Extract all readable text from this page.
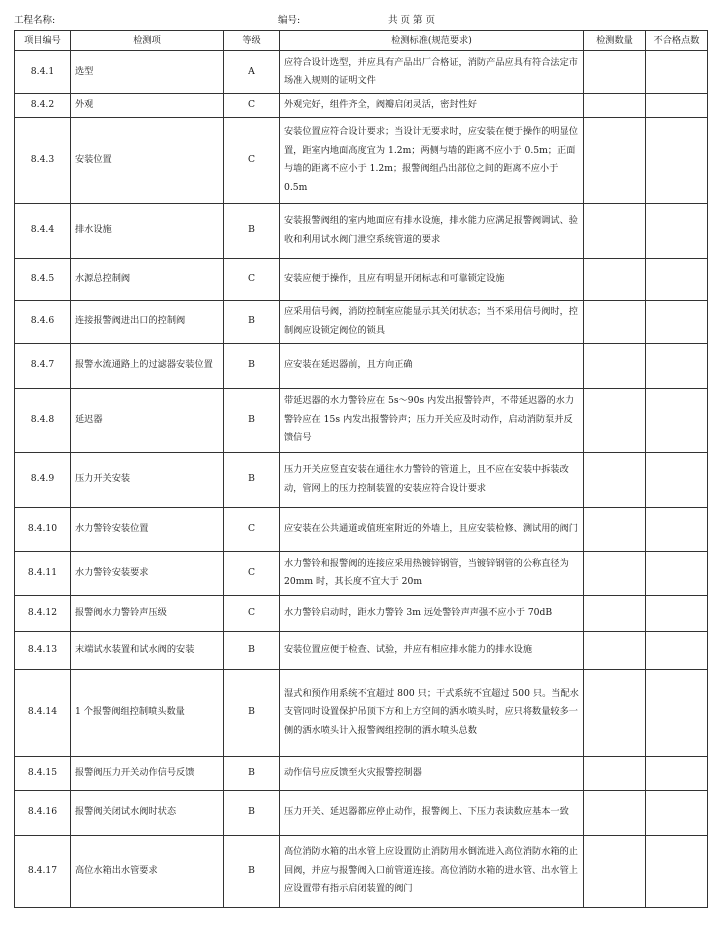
工程名称:	编号:	共 页 第 页
项目编号	检测项	等级	检测标准(规范要求)	检测数量	不合格点数
8.4.1	选型	A	应符合设计选型，并应具有产品出厂合格证，消防产品应具有符合法定市场准入规则的证明文件		
8.4.2	外观	C	外观完好，组件齐全，阀瓣启闭灵活，密封性好		
8.4.3	安装位置	C	安装位置应符合设计要求；当设计无要求时，应安装在便于操作的明显位置，距室内地面高度宜为 1.2m；两侧与墙的距离不应小于 0.5m；正面与墙的距离不应小于 1.2m；报警阀组凸出部位之间的距离不应小于 0.5m		
8.4.4	排水设施	B	安装报警阀组的室内地面应有排水设施，排水能力应满足报警阀调试、验收和利用试水阀门泄空系统管道的要求		
8.4.5	水源总控制阀	C	安装应便于操作，且应有明显开闭标志和可靠锁定设施		
8.4.6	连接报警阀进出口的控制阀	B	应采用信号阀，消防控制室应能显示其关闭状态；当不采用信号阀时，控制阀应设锁定阀位的锁具		
8.4.7	报警水流通路上的过滤器安装位置	B	应安装在延迟器前，且方向正确		
8.4.8	延迟器	B	带延迟器的水力警铃应在 5s～90s 内发出报警铃声，不带延迟器的水力警铃应在 15s 内发出报警铃声；压力开关应及时动作，启动消防泵并反馈信号		
8.4.9	压力开关安装	B	压力开关应竖直安装在通往水力警铃的管道上，且不应在安装中拆装改动，管网上的压力控制装置的安装应符合设计要求		
8.4.10	水力警铃安装位置	C	应安装在公共通道或值班室附近的外墙上，且应安装检修、测试用的阀门		
8.4.11	水力警铃安装要求	C	水力警铃和报警阀的连接应采用热镀锌钢管，当镀锌钢管的公称直径为 20mm 时，其长度不宜大于 20m		
8.4.12	报警阀水力警铃声压级	C	水力警铃启动时，距水力警铃 3m 远处警铃声声强不应小于 70dB		
8.4.13	末端试水装置和试水阀的安装	B	安装位置应便于检查、试验，并应有相应排水能力的排水设施		
8.4.14	1 个报警阀组控制喷头数量	B	湿式和预作用系统不宜超过 800 只；干式系统不宜超过 500 只。当配水支管同时设置保护吊顶下方和上方空间的洒水喷头时，应只将数量较多一侧的洒水喷头计入报警阀组控制的洒水喷头总数		
8.4.15	报警阀压力开关动作信号反馈	B	动作信号应反馈至火灾报警控制器		
8.4.16	报警阀关闭试水阀时状态	B	压力开关、延迟器都应停止动作，报警阀上、下压力表读数应基本一致		
8.4.17	高位水箱出水管要求	B	高位消防水箱的出水管上应设置防止消防用水倒流进入高位消防水箱的止回阀，并应与报警阀入口前管道连接。高位消防水箱的进水管、出水管上应设置带有指示启闭装置的阀门		
